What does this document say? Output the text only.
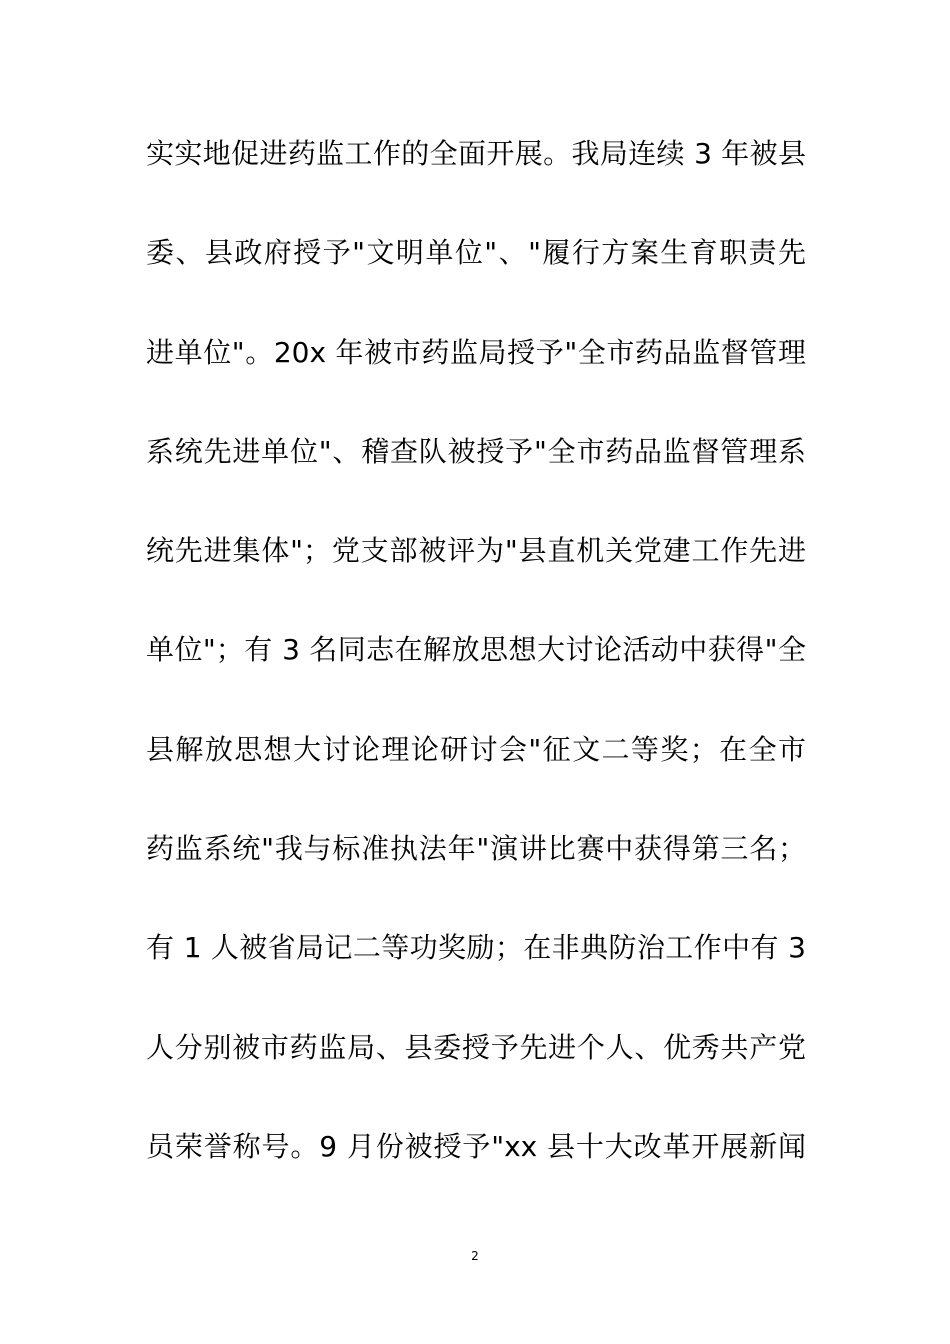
实实地促进药监工作的全面开展。我局连续 3 年被县
委、县政府授予"文明单位"、"履行方案生育职责先
进单位"。20x 年被市药监局授予"全市药品监督管理
系统先进单位"、稽查队被授予"全市药品监督管理系
统先进集体"；党支部被评为"县直机关党建工作先进
单位"；有 3 名同志在解放思想大讨论活动中获得"全
县解放思想大讨论理论研讨会"征文二等奖；在全市
药监系统"我与标准执法年"演讲比赛中获得第三名；
有 1 人被省局记二等功奖励；在非典防治工作中有 3
人分别被市药监局、县委授予先进个人、优秀共产党
员荣誉称号。9 月份被授予"xx 县十大改革开展新闻
2
